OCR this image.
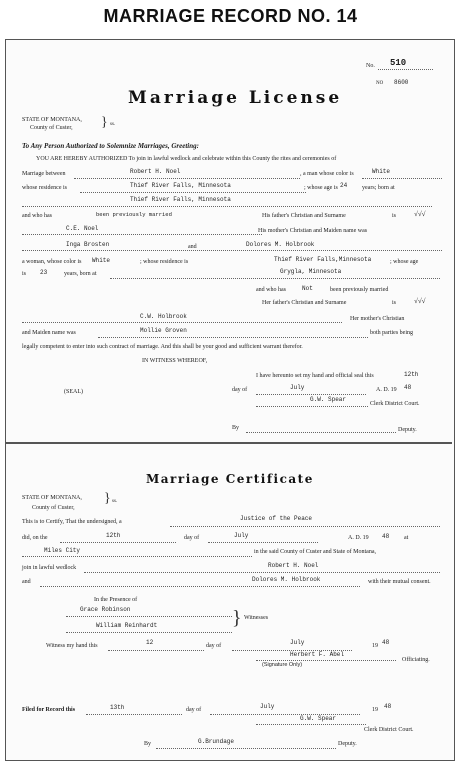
MARRIAGE RECORD NO. 14
No. 510
NO 8600
Marriage License
STATE OF MONTANA,
County of Custer, } ss.
To Any Person Authorized to Solemnize Marriages, Greeting:
YOU ARE HEREBY AUTHORIZED To join in lawful wedlock and celebrate within this County the rites and ceremonies of
Marriage between	Robert H. Noel	, a man whose color is	White
whose residence is	Thief River Falls, Minnesota	; whose age is 24 years; born at
Thief River Falls, Minnesota
and who has	been previously married	His father's Christian and Surname	is	√√√
C.E. Noel	His mother's Christian and Maiden name was
Inga Brosten	and	Dolores M. Holbrook
a woman, whose color is White	; whose residence is	Thief River Falls,Minnesota	; whose age
is 23	years, born at	Grygla, Minnesota
and who has	Not	been previously married
Her father's Christian and Surname	is	√√√
C.W. Holbrook	Her mother's Christian
and Maiden name was	Mollie Groven	both parties being
legally competent to enter into such contract of marriage. And this shall be your good and sufficient warrant therefor.
IN WITNESS WHEREOF,
I have hereunto set my hand and official seal this	12th
(SEAL)	day of	July	A. D. 19 48
G.W. Spear
Clerk District Court.
By	Deputy.
Marriage Certificate
STATE OF MONTANA,
County of Custer,
} ss.
This is to Certify, That the undersigned, a	Justice of the Peace
did, on the	12th	day of	July	A. D. 19 48 at
Miles City	in the said County of Custer and State of Montana,
join in lawful wedlock	Robert H. Noel
and	Dolores M. Holbrook	with their mutual consent.
In the Presence of
Grace Robinson	} Witnesses
William Reinhardt
Witness my hand this	12	day of	July	19 48
Herbert F. Abel
(Signature Only)
Officiating.
Filed for Record this	13th	day of	July	19 48
G.W. Spear
Clerk District Court.
By	G.Brundage	Deputy.
